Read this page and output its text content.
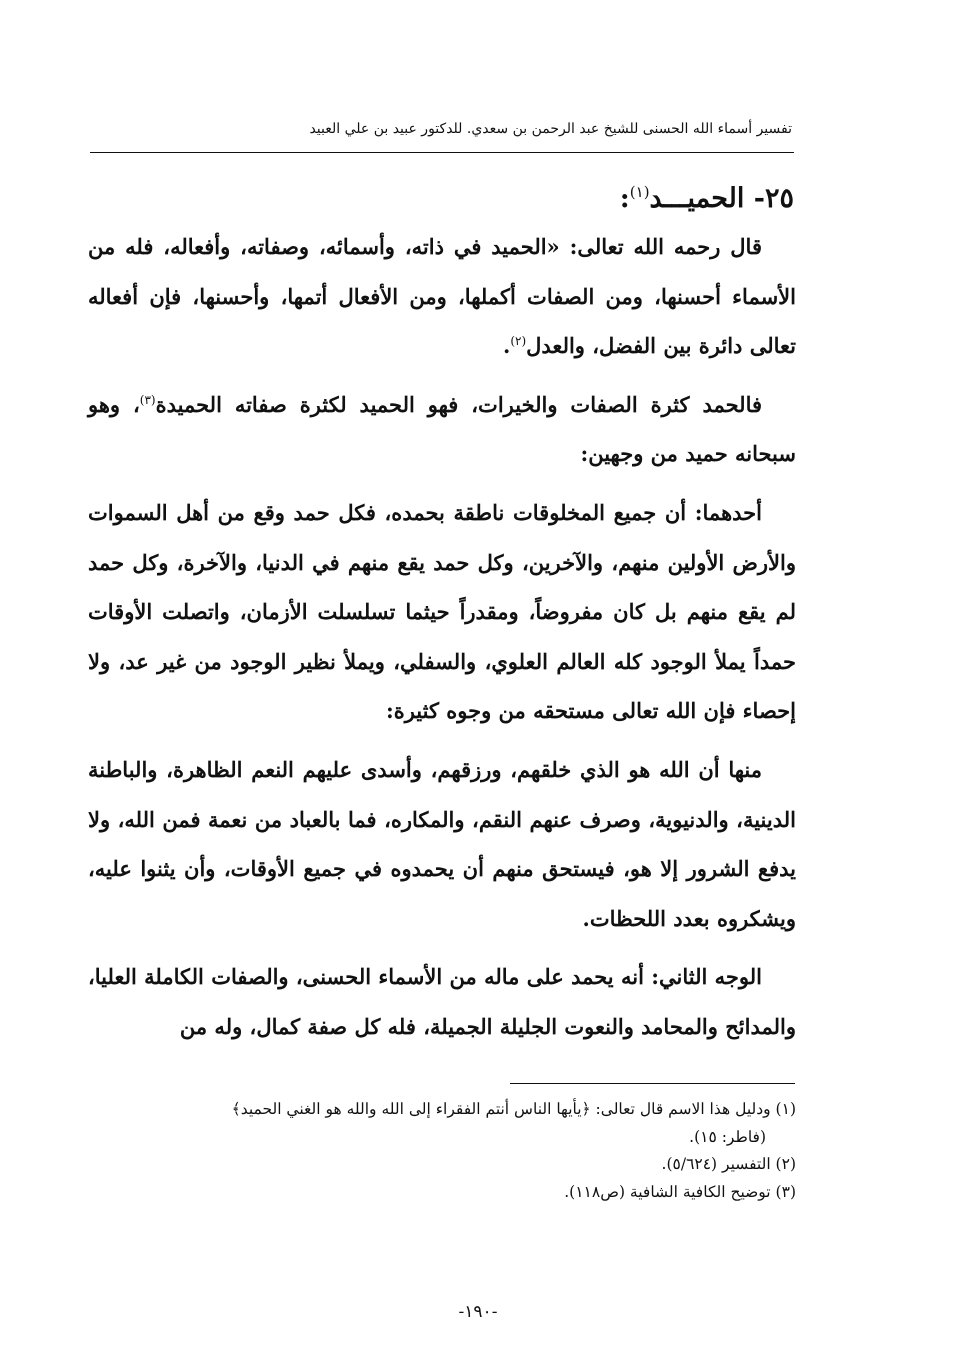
تفسير أسماء الله الحسنى للشيخ عبد الرحمن بن سعدي. للدكتور عبيد بن علي العبيد
٢٥- الحميـــد$^{(١)}$:

قال رحمه الله تعالى: «الحميد في ذاته، وأسمائه، وصفاته، وأفعاله، فله من الأسماء أحسنها، ومن الصفات أكملها، ومن الأفعال أتمها، وأحسنها، فإن أفعاله تعالى دائرة بين الفضل، والعدل$^{(٢)}$.

فالحمد كثرة الصفات والخيرات، فهو الحميد لكثرة صفاته الحميدة$^{(٣)}$، وهو سبحانه حميد من وجهين:

أحدهما: أن جميع المخلوقات ناطقة بحمده، فكل حمد وقع من أهل السموات والأرض الأولين منهم، والآخرين، وكل حمد يقع منهم في الدنيا، والآخرة، وكل حمد لم يقع منهم بل كان مفروضاً، ومقدراً حيثما تسلسلت الأزمان، واتصلت الأوقات حمداً يملأ الوجود كله العالم العلوي، والسفلي، ويملأ نظير الوجود من غير عد، ولا إحصاء فإن الله تعالى مستحقه من وجوه كثيرة:

منها أن الله هو الذي خلقهم، ورزقهم، وأسدى عليهم النعم الظاهرة، والباطنة الدينية، والدنيوية، وصرف عنهم النقم، والمكاره، فما بالعباد من نعمة فمن الله، ولا يدفع الشرور إلا هو، فيستحق منهم أن يحمدوه في جميع الأوقات، وأن يثنوا عليه، ويشكروه بعدد اللحظات.

الوجه الثاني: أنه يحمد على ماله من الأسماء الحسنى، والصفات الكاملة العليا، والمدائح والمحامد والنعوت الجليلة الجميلة، فله كل صفة كمال، وله من

(١) ودليل هذا الاسم قال تعالى: ﴿يأيها الناس أنتم الفقراء إلى الله والله هو الغني الحميد﴾
(فاطر: ١٥).
(٢) التفسير (٥/٦٢٤).
(٣) توضيح الكافية الشافية (ص١١٨).
-١٩٠-
